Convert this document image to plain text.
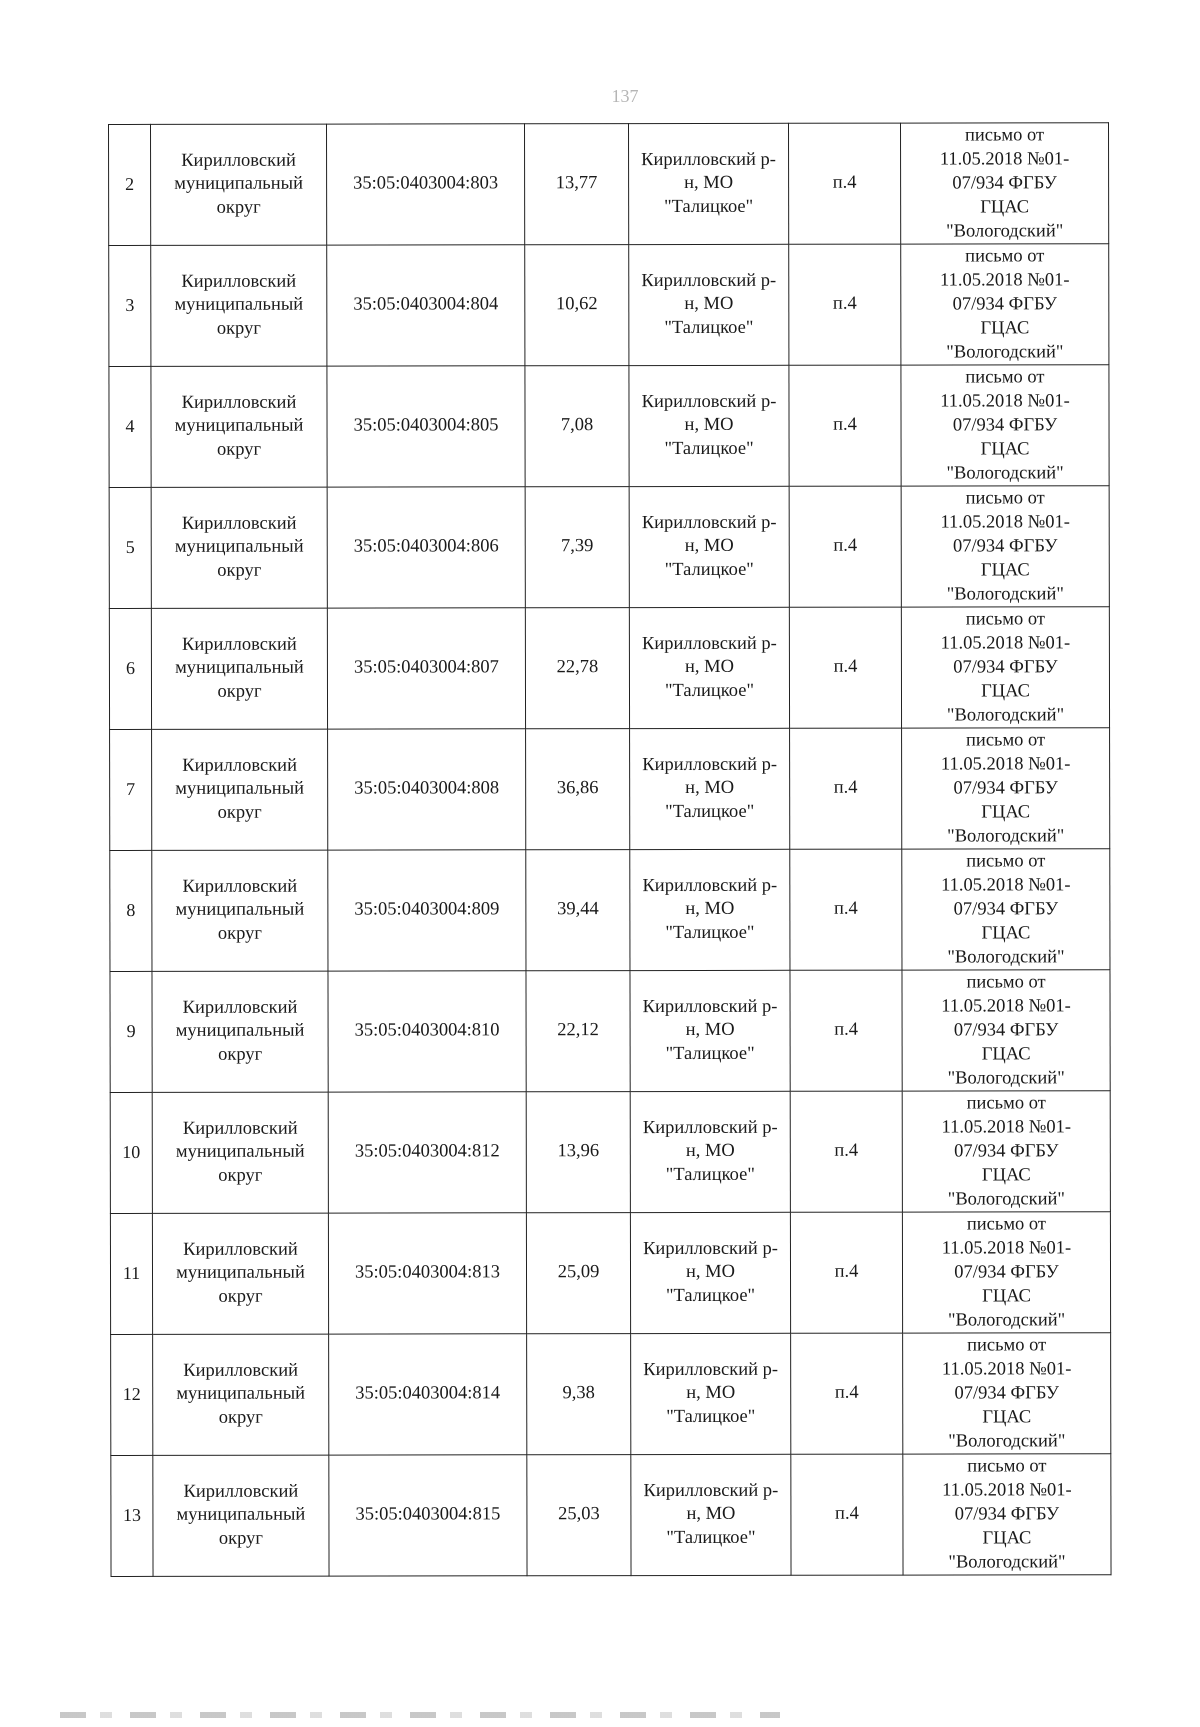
137
2	Кирилловский
муниципальный
округ	35:05:0403004:803	13,77	Кирилловский р-
н, МО
"Талицкое"	п.4	письмо от
11.05.2018 №01-
07/934 ФГБУ
ГЦАС
"Вологодский"
3	Кирилловский
муниципальный
округ	35:05:0403004:804	10,62	Кирилловский р-
н, МО
"Талицкое"	п.4	письмо от
11.05.2018 №01-
07/934 ФГБУ
ГЦАС
"Вологодский"
4	Кирилловский
муниципальный
округ	35:05:0403004:805	7,08	Кирилловский р-
н, МО
"Талицкое"	п.4	письмо от
11.05.2018 №01-
07/934 ФГБУ
ГЦАС
"Вологодский"
5	Кирилловский
муниципальный
округ	35:05:0403004:806	7,39	Кирилловский р-
н, МО
"Талицкое"	п.4	письмо от
11.05.2018 №01-
07/934 ФГБУ
ГЦАС
"Вологодский"
6	Кирилловский
муниципальный
округ	35:05:0403004:807	22,78	Кирилловский р-
н, МО
"Талицкое"	п.4	письмо от
11.05.2018 №01-
07/934 ФГБУ
ГЦАС
"Вологодский"
7	Кирилловский
муниципальный
округ	35:05:0403004:808	36,86	Кирилловский р-
н, МО
"Талицкое"	п.4	письмо от
11.05.2018 №01-
07/934 ФГБУ
ГЦАС
"Вологодский"
8	Кирилловский
муниципальный
округ	35:05:0403004:809	39,44	Кирилловский р-
н, МО
"Талицкое"	п.4	письмо от
11.05.2018 №01-
07/934 ФГБУ
ГЦАС
"Вологодский"
9	Кирилловский
муниципальный
округ	35:05:0403004:810	22,12	Кирилловский р-
н, МО
"Талицкое"	п.4	письмо от
11.05.2018 №01-
07/934 ФГБУ
ГЦАС
"Вологодский"
10	Кирилловский
муниципальный
округ	35:05:0403004:812	13,96	Кирилловский р-
н, МО
"Талицкое"	п.4	письмо от
11.05.2018 №01-
07/934 ФГБУ
ГЦАС
"Вологодский"
11	Кирилловский
муниципальный
округ	35:05:0403004:813	25,09	Кирилловский р-
н, МО
"Талицкое"	п.4	письмо от
11.05.2018 №01-
07/934 ФГБУ
ГЦАС
"Вологодский"
12	Кирилловский
муниципальный
округ	35:05:0403004:814	9,38	Кирилловский р-
н, МО
"Талицкое"	п.4	письмо от
11.05.2018 №01-
07/934 ФГБУ
ГЦАС
"Вологодский"
13	Кирилловский
муниципальный
округ	35:05:0403004:815	25,03	Кирилловский р-
н, МО
"Талицкое"	п.4	письмо от
11.05.2018 №01-
07/934 ФГБУ
ГЦАС
"Вологодский"
